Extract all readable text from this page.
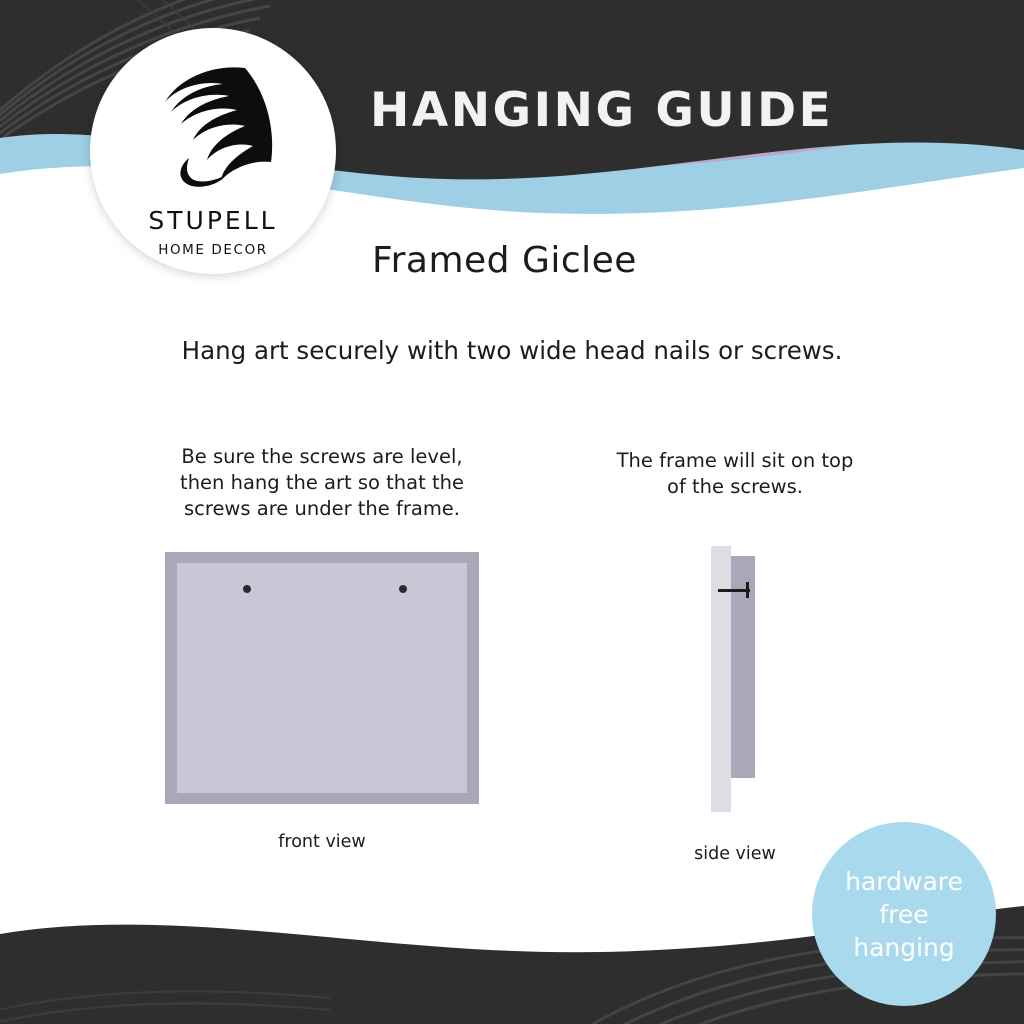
HANGING GUIDE
STUPELL
HOME DECOR	Framed Giclee
Hang art securely with two wide head nails or screws.
Be sure the screws are level,
then hang the art so that the
screws are under the frame.
front view
The frame will sit on top
of the screws.
side view
hardware
free
hanging
